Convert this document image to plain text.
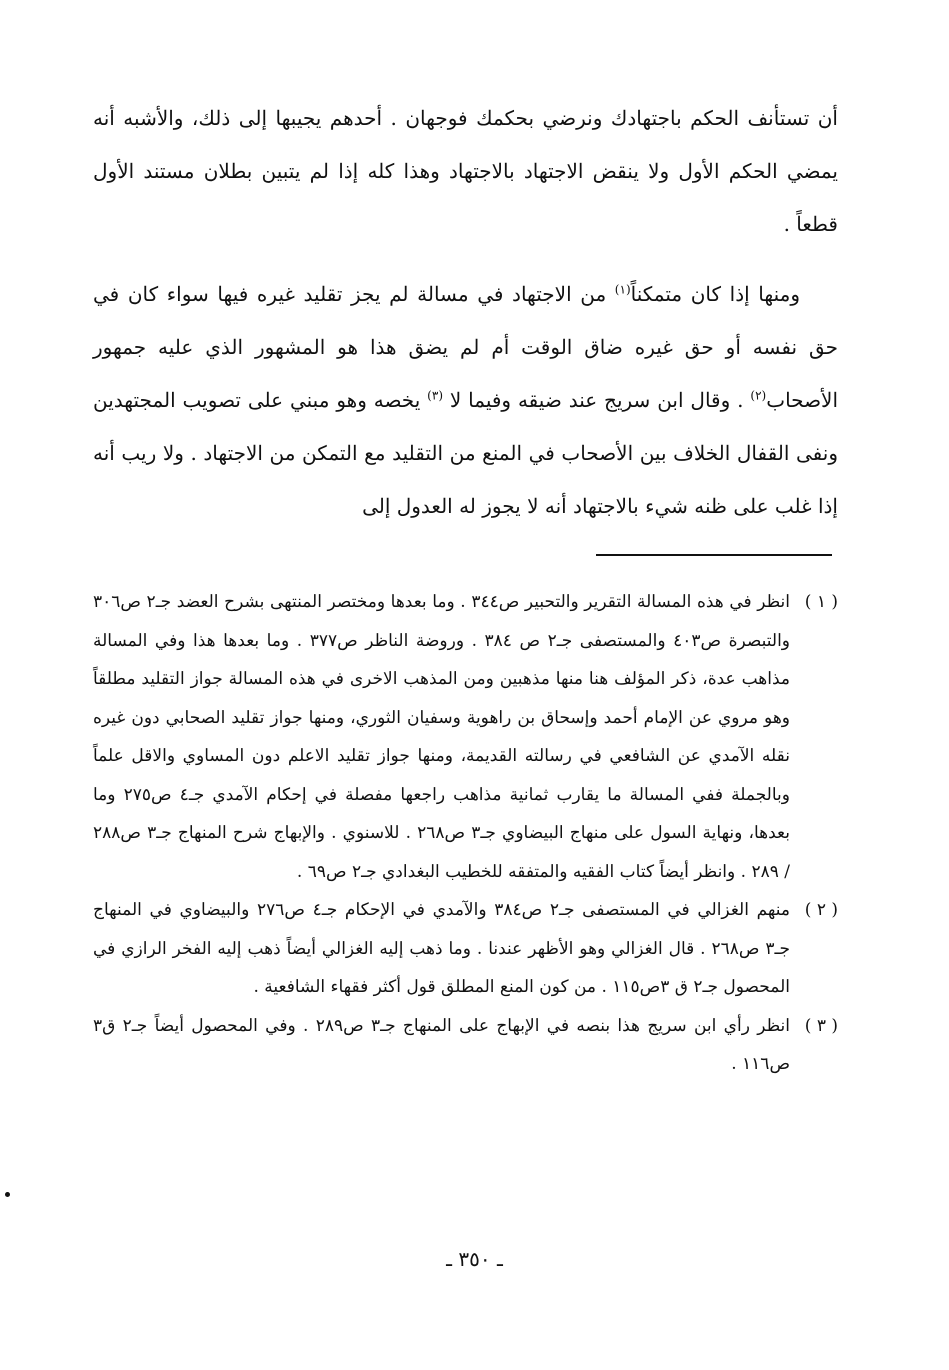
أن تستأنف الحكم باجتهادك ونرضي بحكمك فوجهان . أحدهم يجيبها إلى ذلك، والأشبه أنه يمضي الحكم الأول ولا ينقض الاجتهاد بالاجتهاد وهذا كله إذا لم يتبين بطلان مستند الأول قطعاً .

ومنها إذا كان متمكناً$^{(١)}$ من الاجتهاد في مسالة لم يجز تقليد غيره فيها سواء كان في حق نفسه أو حق غيره ضاق الوقت أم لم يضق هذا هو المشهور الذي عليه جمهور الأصحاب$^{(٢)}$ . وقال ابن سريج عند ضيقه وفيما لا $^{(٣)}$ يخصه وهو مبني على تصويب المجتهدين ونفى القفال الخلاف بين الأصحاب في المنع من التقليد مع التمكن من الاجتهاد . ولا ريب أنه إذا غلب على ظنه شيء بالاجتهاد أنه لا يجوز له العدول إلى

( ١ )
انظر في هذه المسالة التقرير والتحبير ص٣٤٤ . وما بعدها ومختصر المنتهى بشرح العضد جـ٢ ص٣٠٦ والتبصرة ص٤٠٣ والمستصفى جـ٢ ص ٣٨٤ . وروضة الناظر ص٣٧٧ . وما بعدها هذا وفي المسالة مذاهب عدة، ذكر المؤلف هنا منها مذهبين ومن المذهب الاخرى في هذه المسالة جواز التقليد مطلقاً وهو مروي عن الإمام أحمد وإسحاق بن راهوية وسفيان الثوري، ومنها جواز تقليد الصحابي دون غيره نقله الآمدي عن الشافعي في رسالته القديمة، ومنها جواز تقليد الاعلم دون المساوي والاقل علماً وبالجملة ففي المسالة ما يقارب ثمانية مذاهب راجعها مفصلة في إحكام الآمدي جـ٤ ص٢٧٥ وما بعدها، ونهاية السول على منهاج البيضاوي جـ٣ ص٢٦٨ . للاسنوي . والإبهاج شرح المنهاج جـ٣ ص٢٨٨ / ٢٨٩ . وانظر أيضاً كتاب الفقيه والمتفقه للخطيب البغدادي جـ٢ ص٦٩ .
( ٢ )
منهم الغزالي في المستصفى جـ٢ ص٣٨٤ والآمدي في الإحكام جـ٤ ص٢٧٦ والبيضاوي في المنهاج جـ٣ ص٢٦٨ . قال الغزالي وهو الأظهر عندنا . وما ذهب إليه الغزالي أيضاً ذهب إليه الفخر الرازي في المحصول جـ٢ ق ٣ص١١٥ . من كون المنع المطلق قول أكثر فقهاء الشافعية .
( ٣ )
انظر رأي ابن سريج هذا بنصه في الإبهاج على المنهاج جـ٣ ص٢٨٩ . وفي المحصول أيضاً جـ٢ ق٣ ص١١٦ .
ـ ٣٥٠ ـ
